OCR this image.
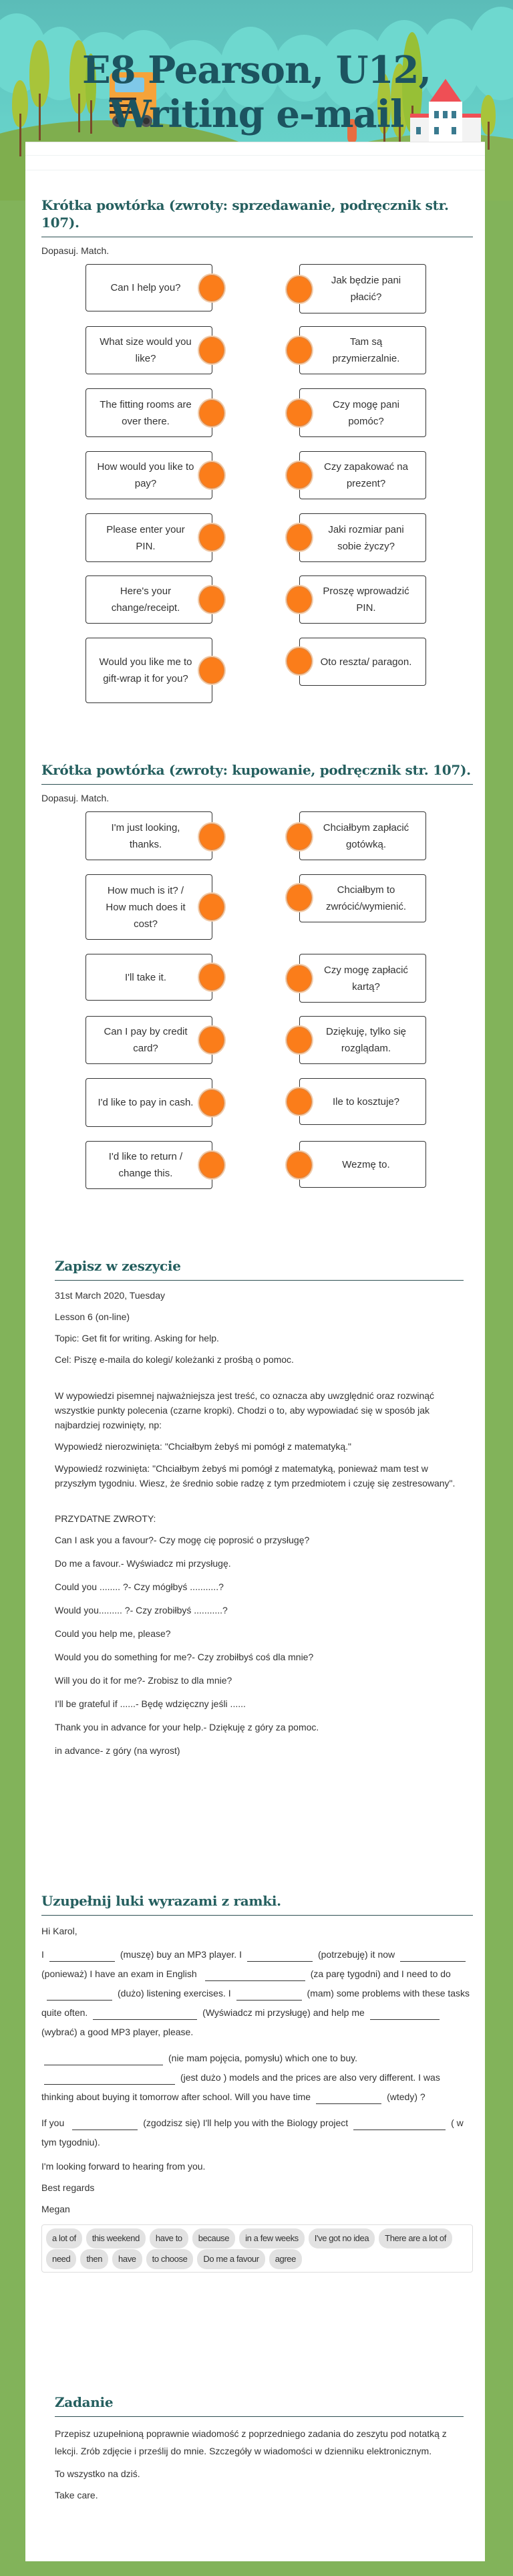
E8 Pearson, U12, Writing e-mail
Krótka powtórka (zwroty: sprzedawanie, podręcznik str. 107).

Dopasuj. Match.

Can I help you?
Jak będzie pani płacić?
What size would you like?
Tam są przymierzalnie.
The fitting rooms are over there.
Czy mogę pani pomóc?
How would you like to pay?
Czy zapakować na prezent?
Please enter your PIN.
Jaki rozmiar pani sobie życzy?
Here's your change/receipt.
Proszę wprowadzić PIN.
Would you like me to gift-wrap it for you?
Oto reszta/ paragon.
Krótka powtórka (zwroty: kupowanie, podręcznik str. 107).

Dopasuj. Match.

I'm just looking, thanks.
Chciałbym zapłacić gotówką.
How much is it? / How much does it cost?
Chciałbym to zwrócić/wymienić.
I'll take it.
Czy mogę zapłacić kartą?
Can I pay by credit card?
Dziękuję, tylko się rozglądam.
I'd like to pay in cash.	Ile to kosztuje?
I'd like to return / change this.
Wezmę to.
Zapisz w zeszycie

31st March 2020, Tuesday

Lesson 6 (on-line)

Topic: Get fit for writing. Asking for help.

Cel: Piszę e-maila do kolegi/ koleżanki z prośbą o pomoc.

W wypowiedzi pisemnej najważniejsza jest treść, co oznacza aby uwzględnić oraz rozwinąć wszystkie punkty polecenia (czarne kropki). Chodzi o to, aby wypowiadać się w sposób jak najbardziej rozwinięty, np:

Wypowiedź nierozwinięta: "Chciałbym żebyś mi pomógł z matematyką."

Wypowiedź rozwinięta: "Chciałbym żebyś mi pomógł z matematyką, ponieważ mam test w przyszłym tygodniu. Wiesz, że średnio sobie radzę z tym przedmiotem i czuję się zestresowany".

PRZYDATNE ZWROTY:

Can I ask you a favour?- Czy mogę cię poprosić o przysługę?

Do me a favour.- Wyświadcz mi przysługę.

Could you ........ ?- Czy mógłbyś ...........?

Would you......... ?- Czy zrobiłbyś ...........?

Could you help me, please?

Would you do something for me?- Czy zrobiłbyś coś dla mnie?

Will you do it for me?- Zrobisz to dla mnie?

I'll be grateful if ......- Będę wdzięczny jeśli ......

Thank you in advance for your help.- Dziękuję z góry za pomoc.

in advance- z góry (na wyrost)

Uzupełnij luki wyrazami z ramki.

Hi Karol,

I	(muszę) buy an MP3 player. I	(potrzebuję) it now (ponieważ) I have an exam in English	(za parę tygodni) and I need to do(dużo) listening exercises. I	(mam) some problems with these tasks quite often.	(Wyświadcz mi przysługę) and help me (wybrać) a good MP3 player, please.

(nie mam pojęcia, pomysłu) which one to buy. (jest dużo ) models and the prices are also very different. I was thinking about buying it tomorrow after school. Will you have time	(wtedy) ?

If you	(zgodzisz się) I'll help you with the Biology project	( w tym tygodniu).

I'm looking forward to hearing from you.

Best regards

Megan

a lot of	this weekend	have to	because	in a few weeks	I've got no idea	There are a lot of
need	then	have	to choose	Do me a favour	agree
Zadanie

Przepisz uzupełnioną poprawnie wiadomość z poprzedniego zadania do zeszytu pod notatką z lekcji. Zrób zdjęcie i prześlij do mnie. Szczegóły w wiadomości w dzienniku elektronicznym.

To wszystko na dziś.

Take care.
